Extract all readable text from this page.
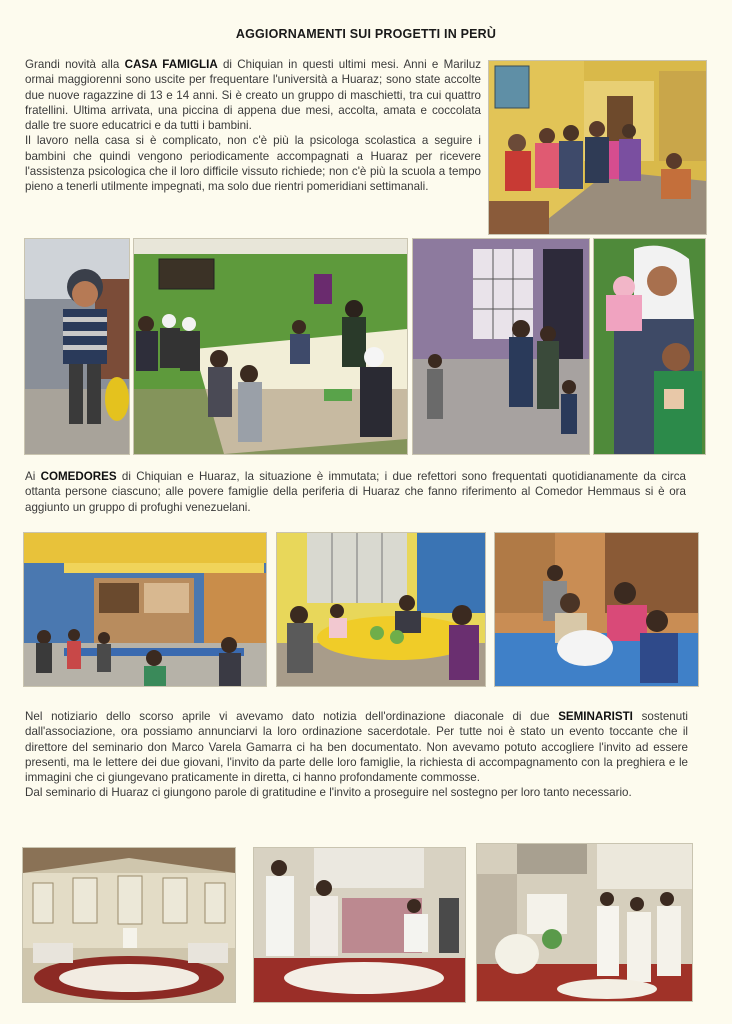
AGGIORNAMENTI SUI PROGETTI IN PERÙ
Grandi novità alla CASA FAMIGLIA di Chiquian in questi ultimi mesi. Anni e Mariluz ormai maggiorenni sono uscite per frequentare l'università a Huaraz; sono state accolte due nuove ragazzine di 13 e 14 anni. Si è creato un gruppo di maschietti, tra cui quattro fratellini. Ultima arrivata, una piccina di appena due mesi, accolta, amata e coccolata dalle tre suore educatrici e da tutti i bambini.
Il lavoro nella casa si è complicato, non c'è più la psicologa scolastica a seguire i bambini che quindi vengono periodicamente accompagnati a Huaraz per ricevere l'assistenza psicologica che il loro difficile vissuto richiede; non c'è più la scuola a tempo pieno a tenerli utilmente impegnati, ma solo due rientri pomeridiani settimanali.
Ai COMEDORES di Chiquian e Huaraz, la situazione è immutata; i due refettori sono frequentati quotidianamente da circa ottanta persone ciascuno; alle povere famiglie della periferia di Huaraz che fanno riferimento al Comedor Hemmaus si è ora aggiunto un gruppo di profughi venezuelani.
Nel notiziario dello scorso aprile vi avevamo dato notizia dell'ordinazione diaconale di due SEMINARISTI sostenuti dall'associazione, ora possiamo annunciarvi la loro ordinazione sacerdotale. Per tutte noi è stato un evento toccante che il direttore del seminario don Marco Varela Gamarra ci ha ben documentato. Non avevamo potuto accogliere l'invito ad essere presenti, ma le lettere dei due giovani, l'invito da parte delle loro famiglie, la richiesta di accompagnamento con la preghiera e le immagini che ci giungevano praticamente in diretta, ci hanno profondamente commosse.
Dal seminario di Huaraz ci giungono parole di gratitudine e l'invito a proseguire nel sostegno per loro tanto necessario.
